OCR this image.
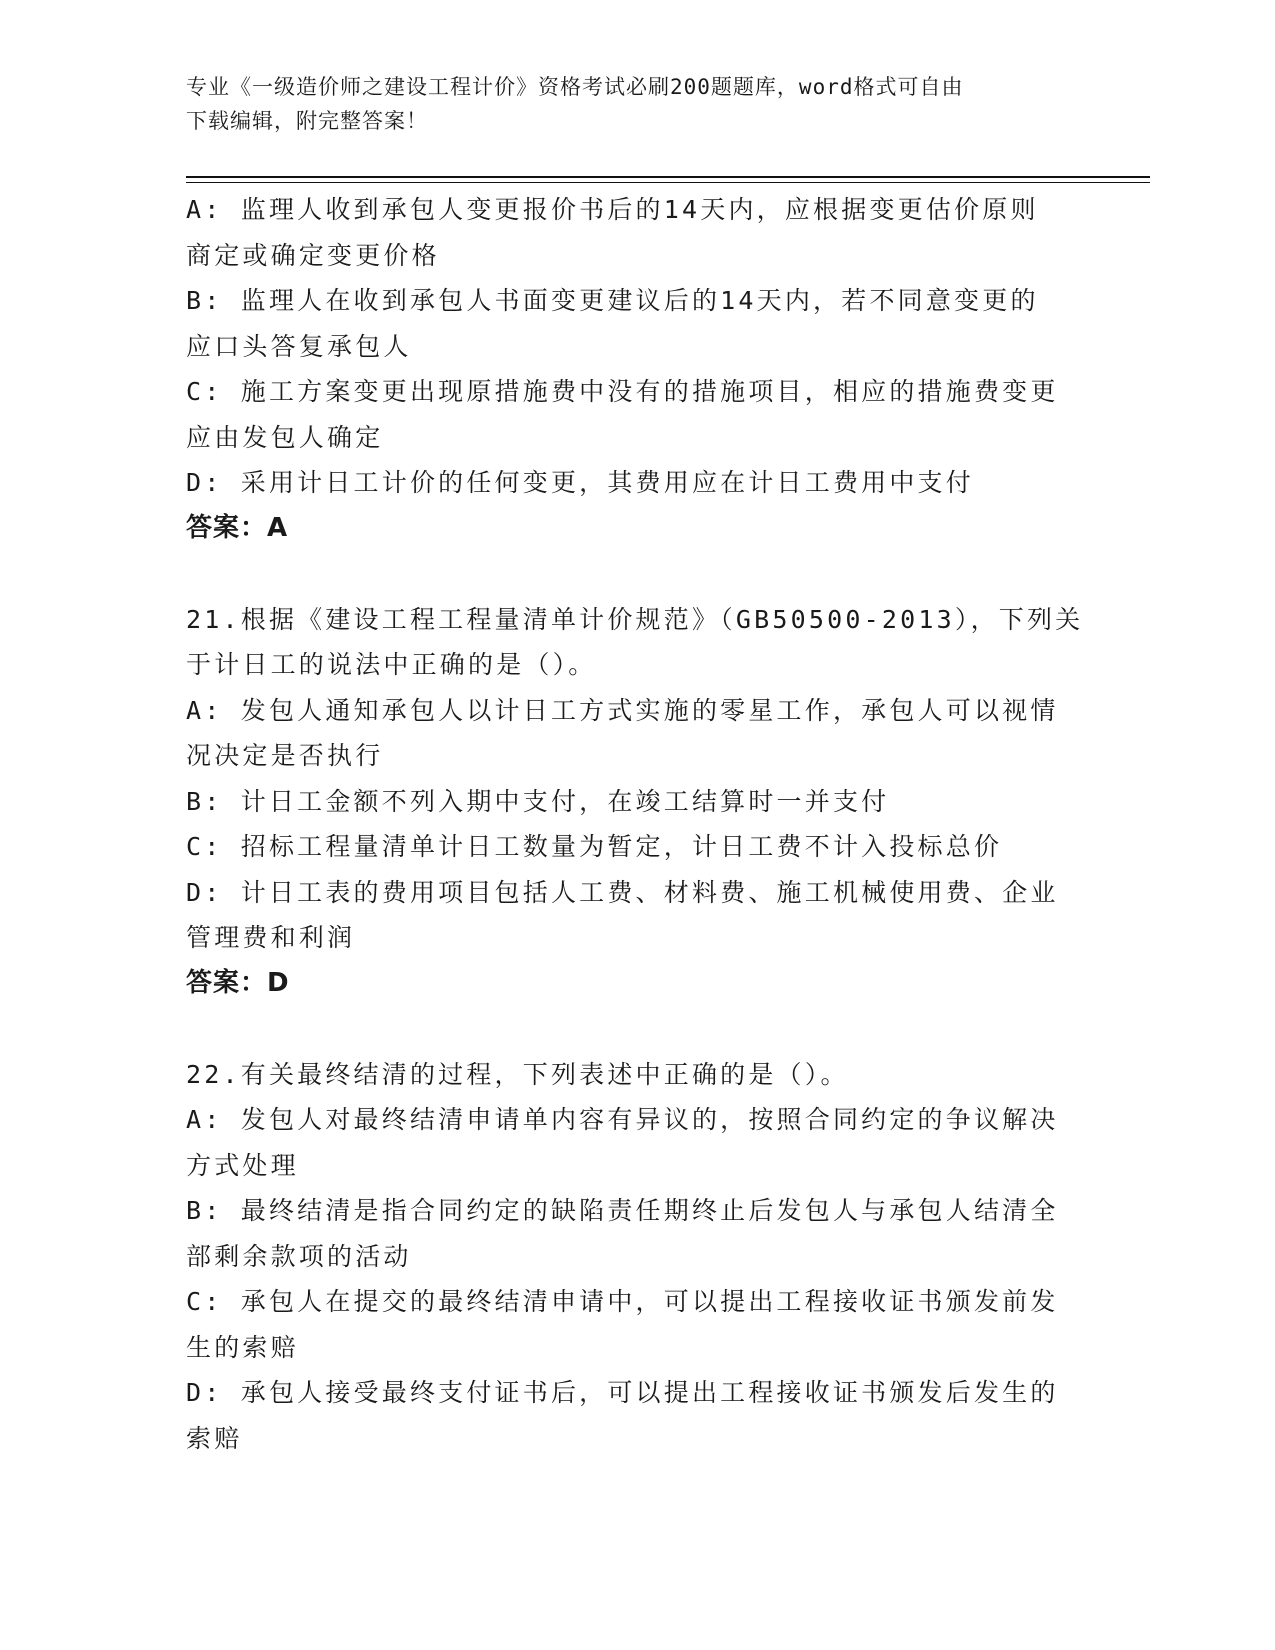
专业《一级造价师之建设工程计价》资格考试必刷200题题库，word格式可自由
下载编辑，附完整答案！
A: 监理人收到承包人变更报价书后的14天内，应根据变更估价原则
商定或确定变更价格
B: 监理人在收到承包人书面变更建议后的14天内，若不同意变更的
应口头答复承包人
C: 施工方案变更出现原措施费中没有的措施项目，相应的措施费变更
应由发包人确定
D: 采用计日工计价的任何变更，其费用应在计日工费用中支付
答案：A
21.根据《建设工程工程量清单计价规范》（GB50500-2013），下列关
于计日工的说法中正确的是（）。
A: 发包人通知承包人以计日工方式实施的零星工作，承包人可以视情
况决定是否执行
B: 计日工金额不列入期中支付，在竣工结算时一并支付
C: 招标工程量清单计日工数量为暂定，计日工费不计入投标总价
D: 计日工表的费用项目包括人工费、材料费、施工机械使用费、企业
管理费和利润
答案：D
22.有关最终结清的过程，下列表述中正确的是（）。
A: 发包人对最终结清申请单内容有异议的，按照合同约定的争议解决
方式处理
B: 最终结清是指合同约定的缺陷责任期终止后发包人与承包人结清全
部剩余款项的活动
C: 承包人在提交的最终结清申请中，可以提出工程接收证书颁发前发
生的索赔
D: 承包人接受最终支付证书后，可以提出工程接收证书颁发后发生的
索赔
